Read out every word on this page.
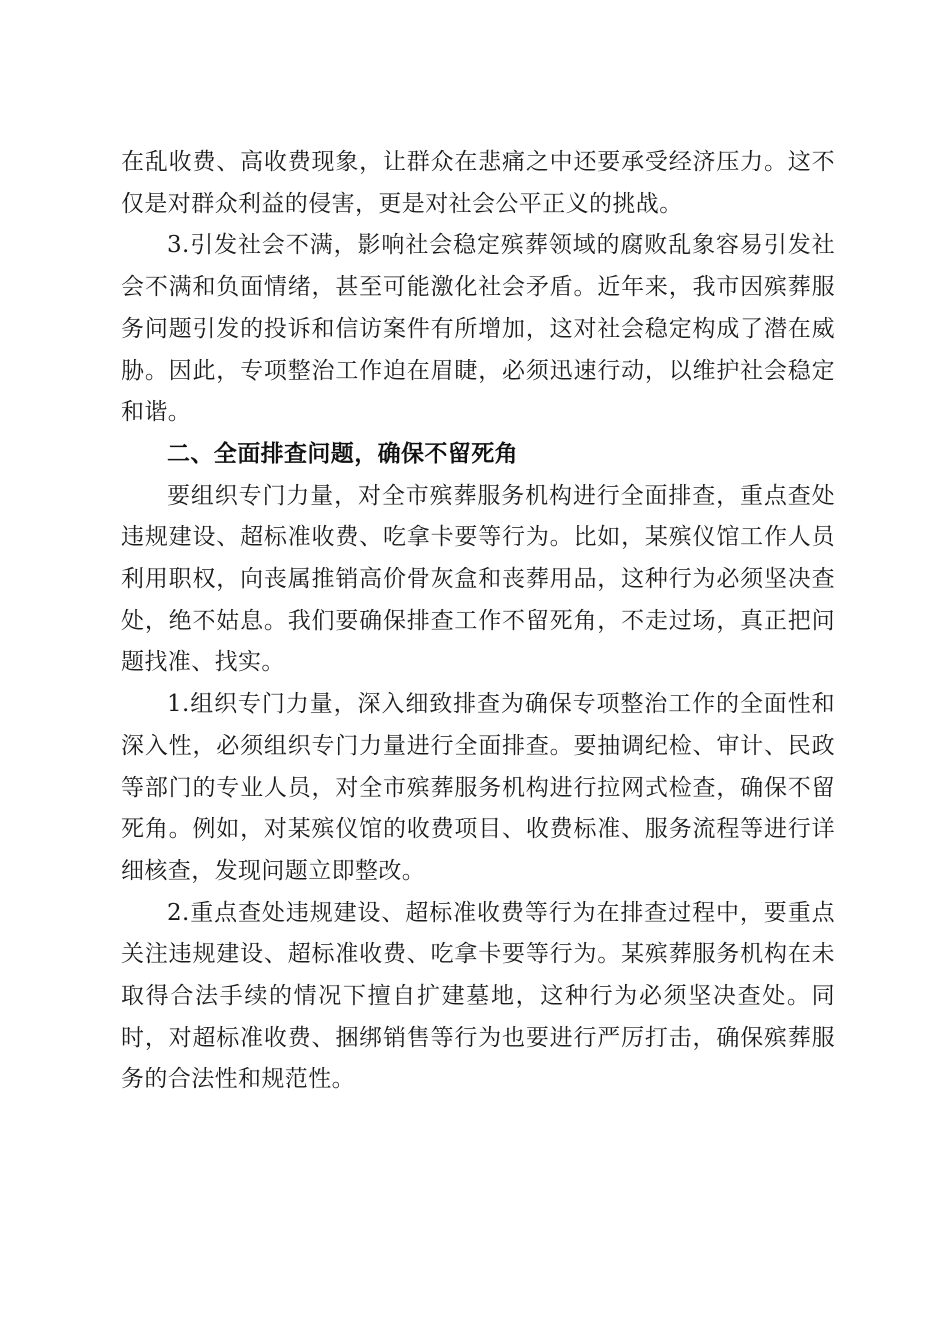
在乱收费、高收费现象，让群众在悲痛之中还要承受经济压力。这不仅是对群众利益的侵害，更是对社会公平正义的挑战。

3.引发社会不满，影响社会稳定殡葬领域的腐败乱象容易引发社会不满和负面情绪，甚至可能激化社会矛盾。近年来，我市因殡葬服务问题引发的投诉和信访案件有所增加，这对社会稳定构成了潜在威胁。因此，专项整治工作迫在眉睫，必须迅速行动，以维护社会稳定和谐。

二、全面排查问题，确保不留死角

要组织专门力量，对全市殡葬服务机构进行全面排查，重点查处违规建设、超标准收费、吃拿卡要等行为。比如，某殡仪馆工作人员利用职权，向丧属推销高价骨灰盒和丧葬用品，这种行为必须坚决查处，绝不姑息。我们要确保排查工作不留死角，不走过场，真正把问题找准、找实。

1.组织专门力量，深入细致排查为确保专项整治工作的全面性和深入性，必须组织专门力量进行全面排查。要抽调纪检、审计、民政等部门的专业人员，对全市殡葬服务机构进行拉网式检查，确保不留死角。例如，对某殡仪馆的收费项目、收费标准、服务流程等进行详细核查，发现问题立即整改。

2.重点查处违规建设、超标准收费等行为在排查过程中，要重点关注违规建设、超标准收费、吃拿卡要等行为。某殡葬服务机构在未取得合法手续的情况下擅自扩建墓地，这种行为必须坚决查处。同时，对超标准收费、捆绑销售等行为也要进行严厉打击，确保殡葬服务的合法性和规范性。
